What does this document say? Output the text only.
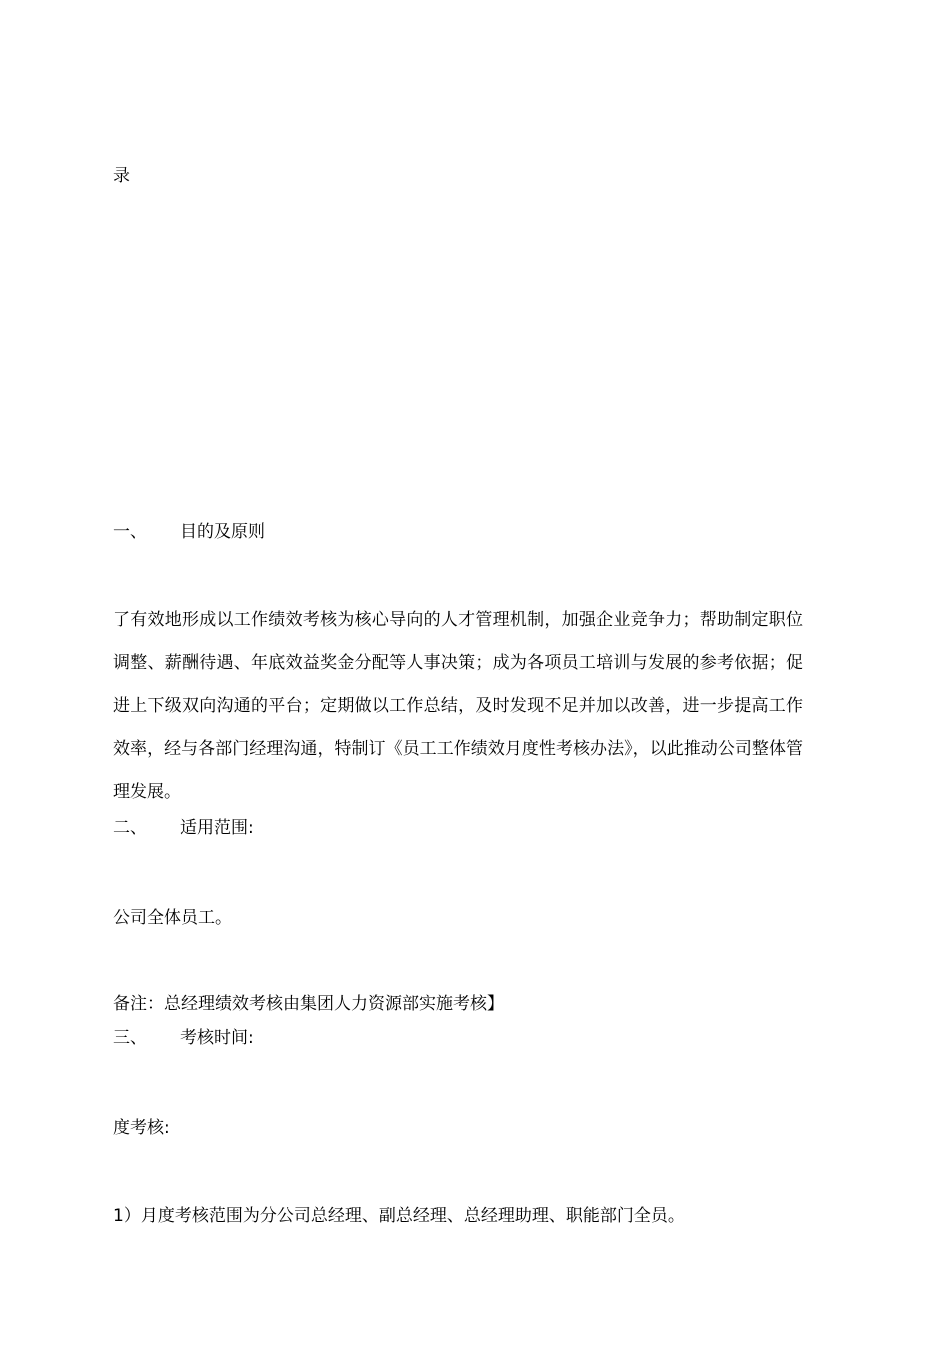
录
一、 目的及原则
了有效地形成以工作绩效考核为核心导向的人才管理机制，加强企业竞争力；帮助制定职位调整、薪酬待遇、年底效益奖金分配等人事决策；成为各项员工培训与发展的参考依据；促进上下级双向沟通的平台；定期做以工作总结，及时发现不足并加以改善，进一步提高工作效率，经与各部门经理沟通，特制订《员工工作绩效月度性考核办法》，以此推动公司整体管理发展。
二、 适用范围:
公司全体员工。
备注：总经理绩效考核由集团人力资源部实施考核】
三、 考核时间:
度考核:
1）月度考核范围为分公司总经理、副总经理、总经理助理、职能部门全员。
